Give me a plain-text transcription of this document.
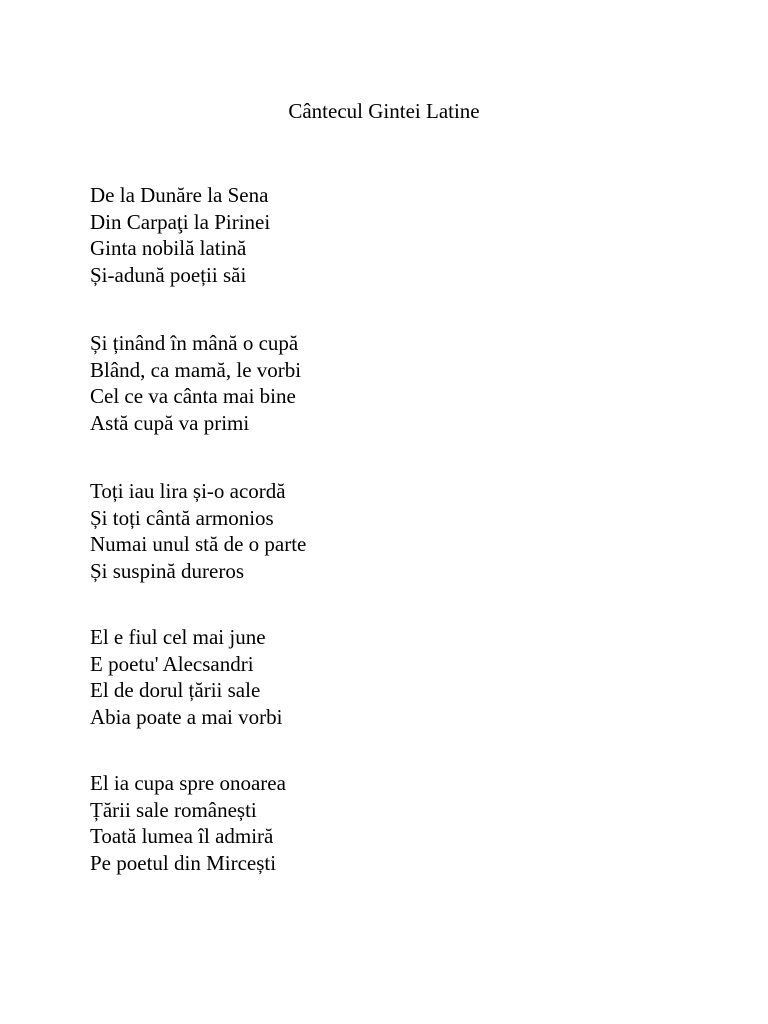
Cântecul Gintei Latine
De la Dunăre la Sena
Din Carpaţi la Pirinei
Ginta nobilă latină
Și-adună poeții săi
Și ținând în mână o cupă
Blând, ca mamă, le vorbi
Cel ce va cânta mai bine
Astă cupă va primi
Toți iau lira și-o acordă
Și toți cântă armonios
Numai unul stă de o parte
Și suspină dureros
El e fiul cel mai june
E poetu' Alecsandri
El de dorul țării sale
Abia poate a mai vorbi
El ia cupa spre onoarea
Țării sale românești
Toată lumea îl admiră
Pe poetul din Mircești
